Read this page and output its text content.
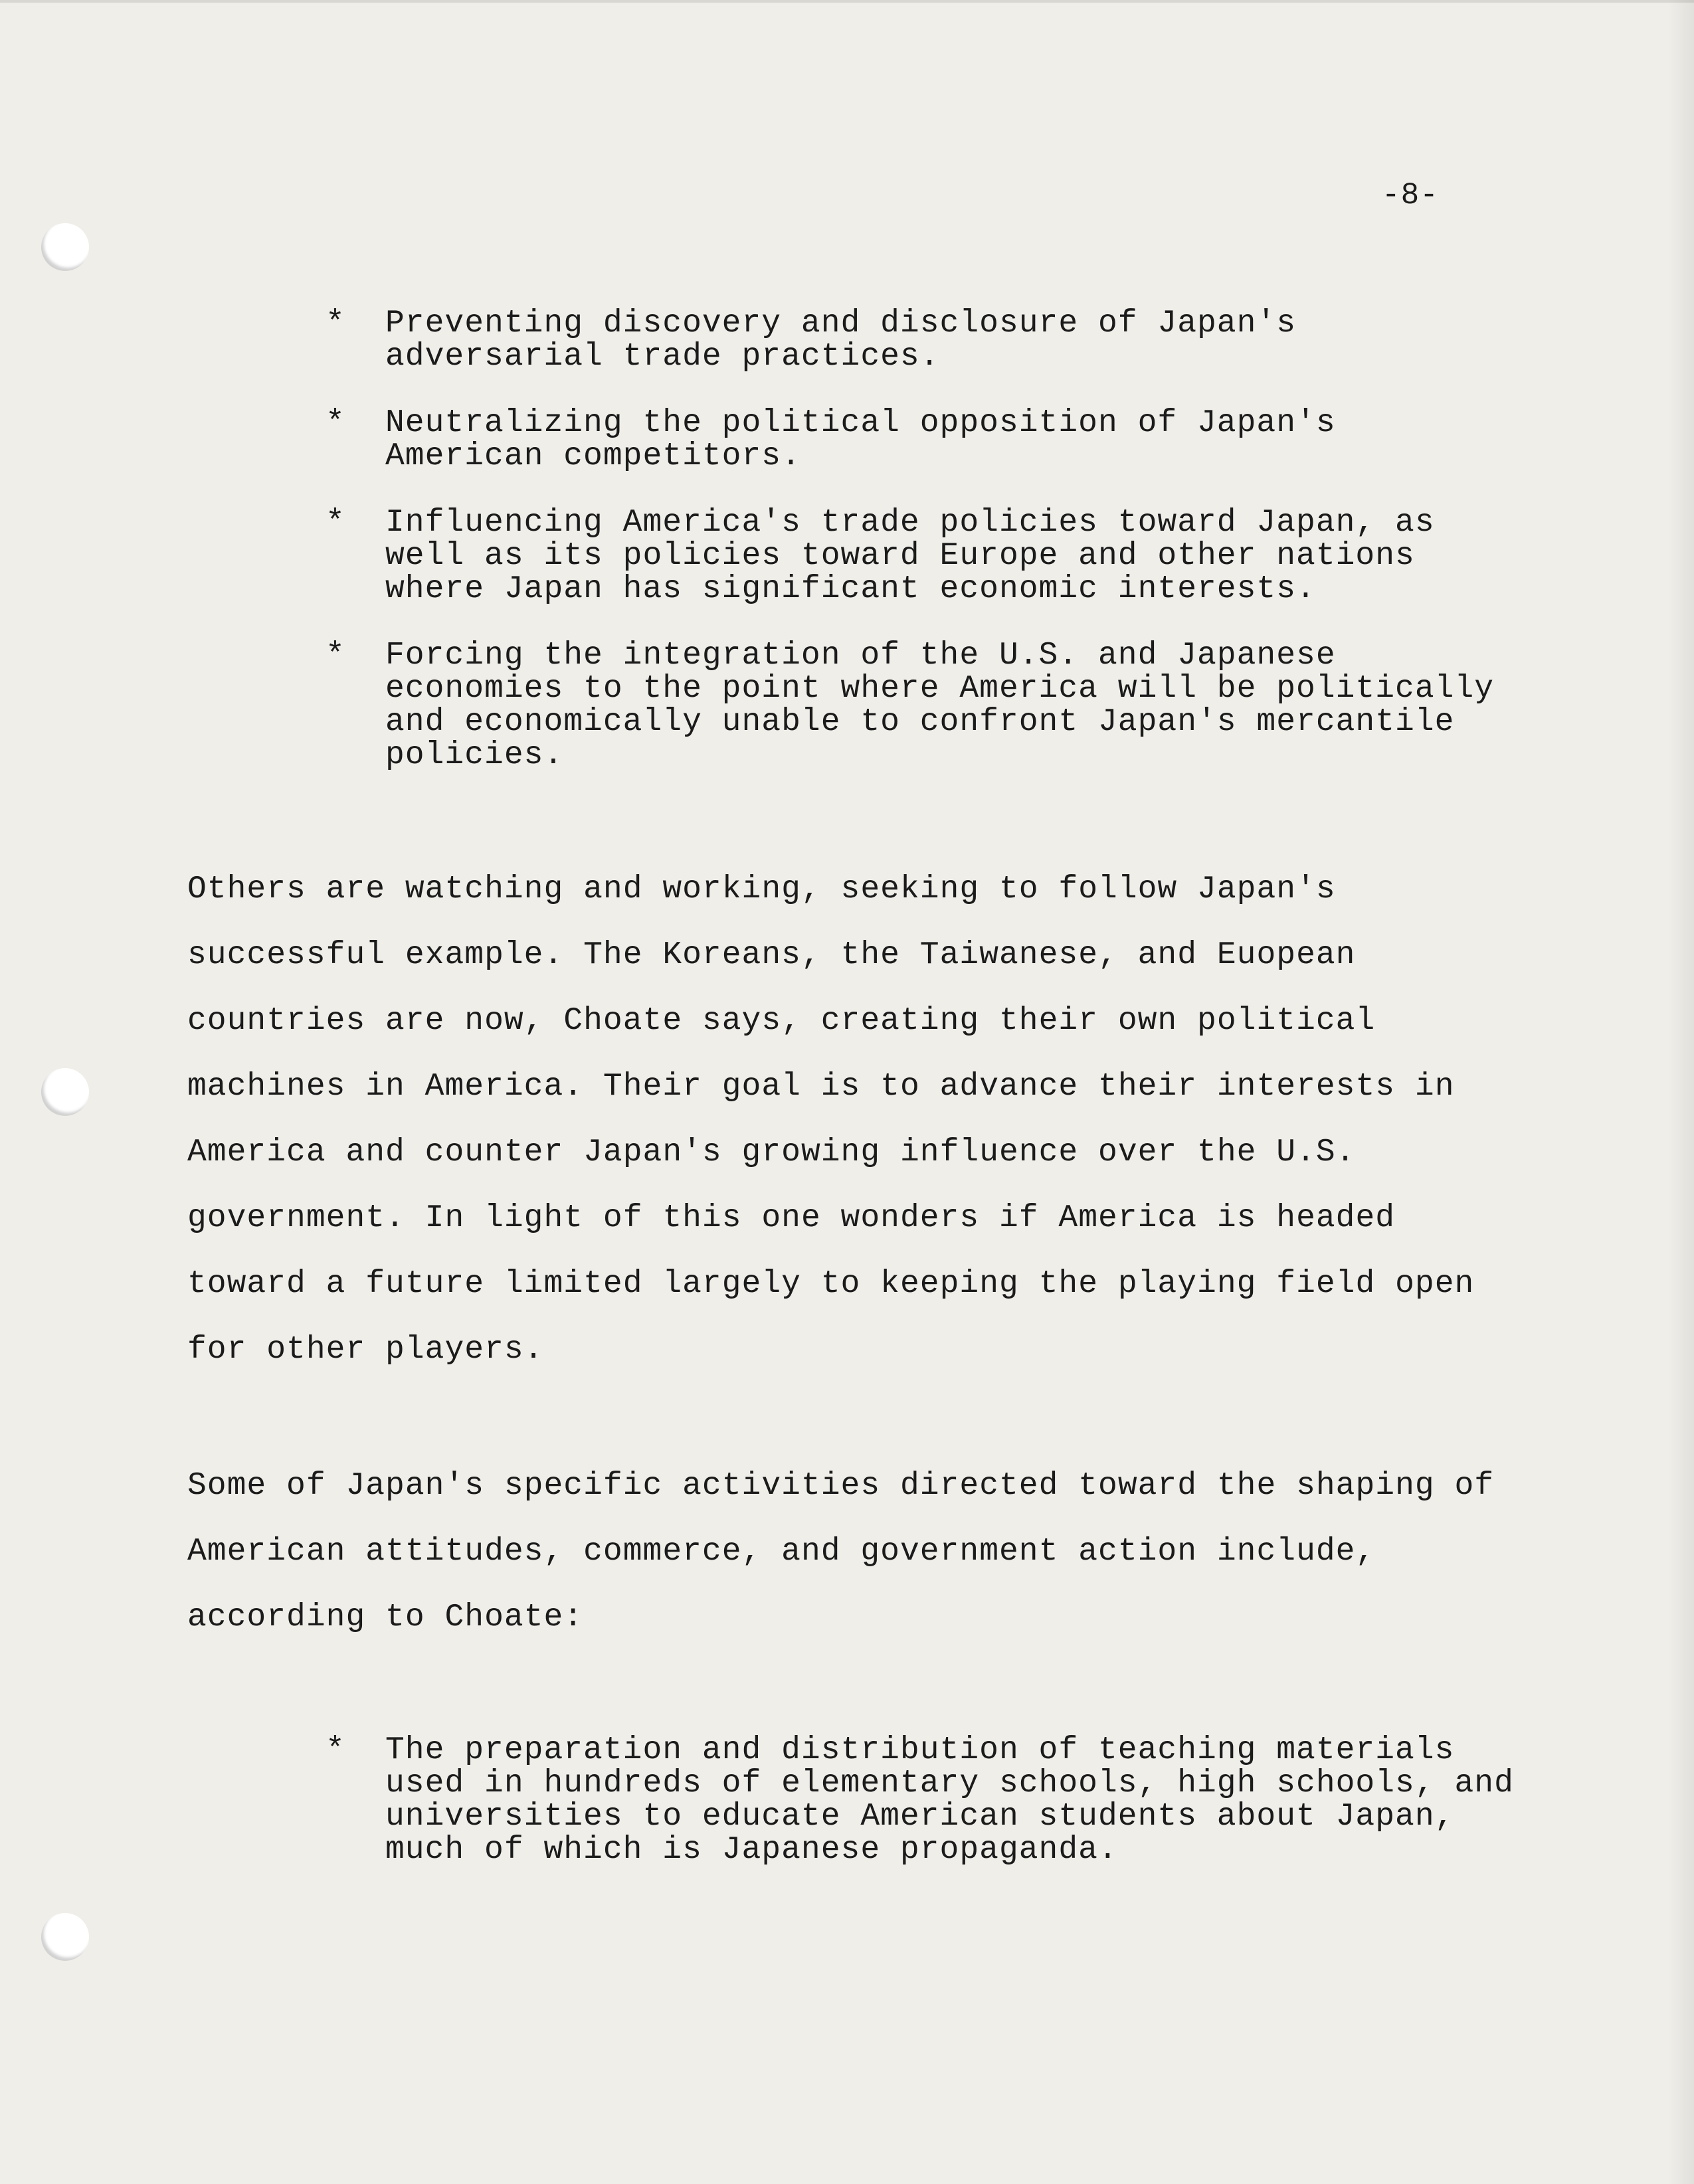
-8-
* Preventing discovery and disclosure of Japan's adversarial trade practices.
* Neutralizing the political opposition of Japan's American competitors.
* Influencing America's trade policies toward Japan, as well as its policies toward Europe and other nations where Japan has significant economic interests.
* Forcing the integration of the U.S. and Japanese economies to the point where America will be politically and economically unable to confront Japan's mercantile policies.

Others are watching and working, seeking to follow Japan's successful example. The Koreans, the Taiwanese, and Euopean countries are now, Choate says, creating their own political machines in America. Their goal is to advance their interests in America and counter Japan's growing influence over the U.S. government. In light of this one wonders if America is headed toward a future limited largely to keeping the playing field open for other players.

Some of Japan's specific activities directed toward the shaping of American attitudes, commerce, and government action include, according to Choate:

* The preparation and distribution of teaching materials used in hundreds of elementary schools, high schools, and universities to educate American students about Japan, much of which is Japanese propaganda.
